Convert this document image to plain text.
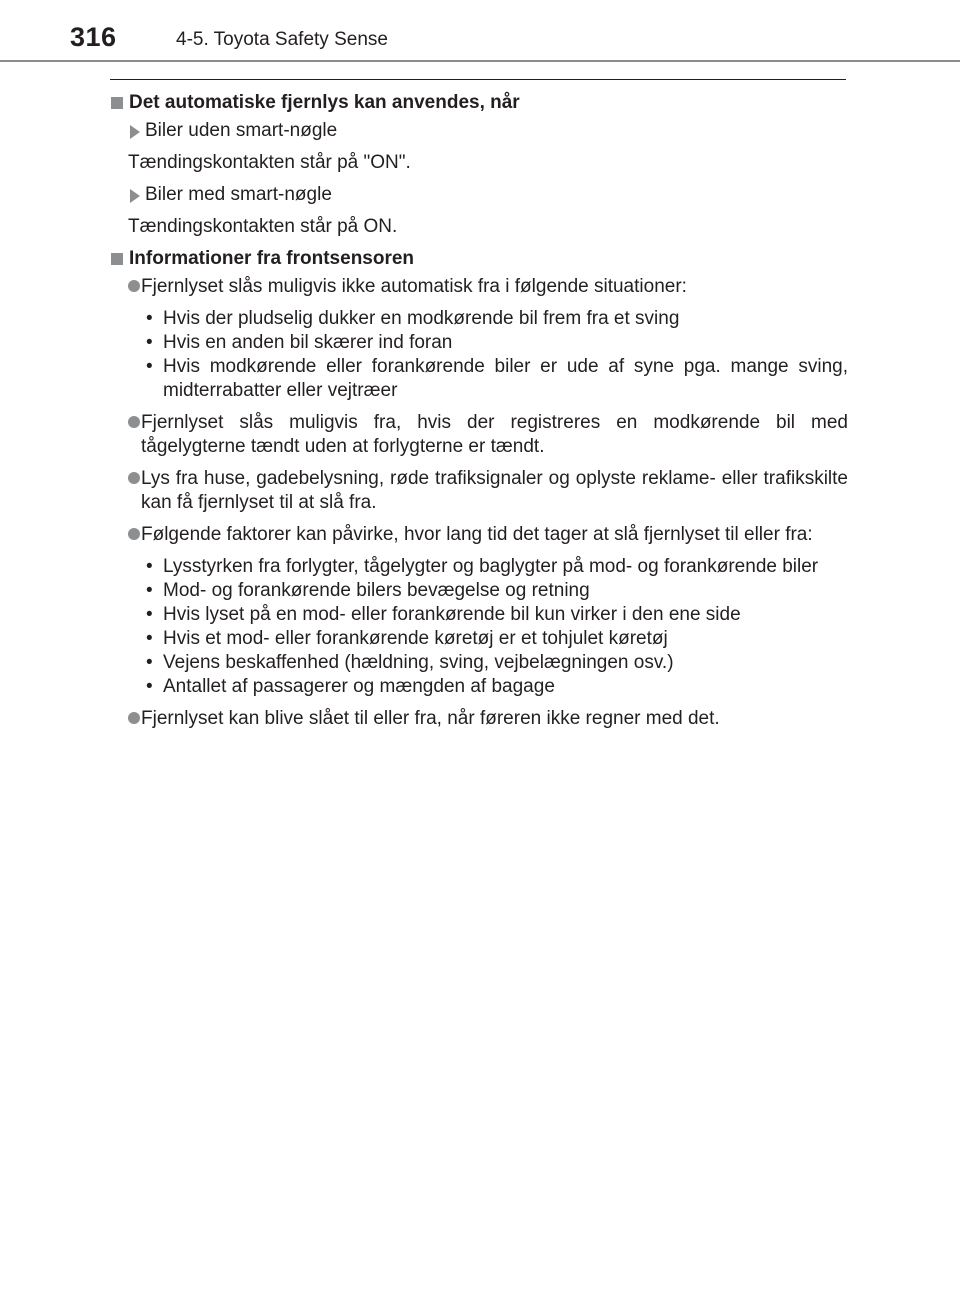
316	4-5. Toyota Safety Sense
Det automatiske fjernlys kan anvendes, når
Biler uden smart-nøgle
Tændingskontakten står på "ON".
Biler med smart-nøgle
Tændingskontakten står på ON.
Informationer fra frontsensoren
Fjernlyset slås muligvis ikke automatisk fra i følgende situationer:
• Hvis der pludselig dukker en modkørende bil frem fra et sving
• Hvis en anden bil skærer ind foran
• Hvis modkørende eller forankørende biler er ude af syne pga. mange sving, midterrabatter eller vejtræer
Fjernlyset slås muligvis fra, hvis der registreres en modkørende bil med tågelygterne tændt uden at forlygterne er tændt.
Lys fra huse, gadebelysning, røde trafiksignaler og oplyste reklame- eller trafikskilte kan få fjernlyset til at slå fra.
Følgende faktorer kan påvirke, hvor lang tid det tager at slå fjernlyset til eller fra:
• Lysstyrken fra forlygter, tågelygter og baglygter på mod- og forankørende biler
• Mod- og forankørende bilers bevægelse og retning
• Hvis lyset på en mod- eller forankørende bil kun virker i den ene side
• Hvis et mod- eller forankørende køretøj er et tohjulet køretøj
• Vejens beskaffenhed (hældning, sving, vejbelægningen osv.)
• Antallet af passagerer og mængden af bagage
Fjernlyset kan blive slået til eller fra, når føreren ikke regner med det.
